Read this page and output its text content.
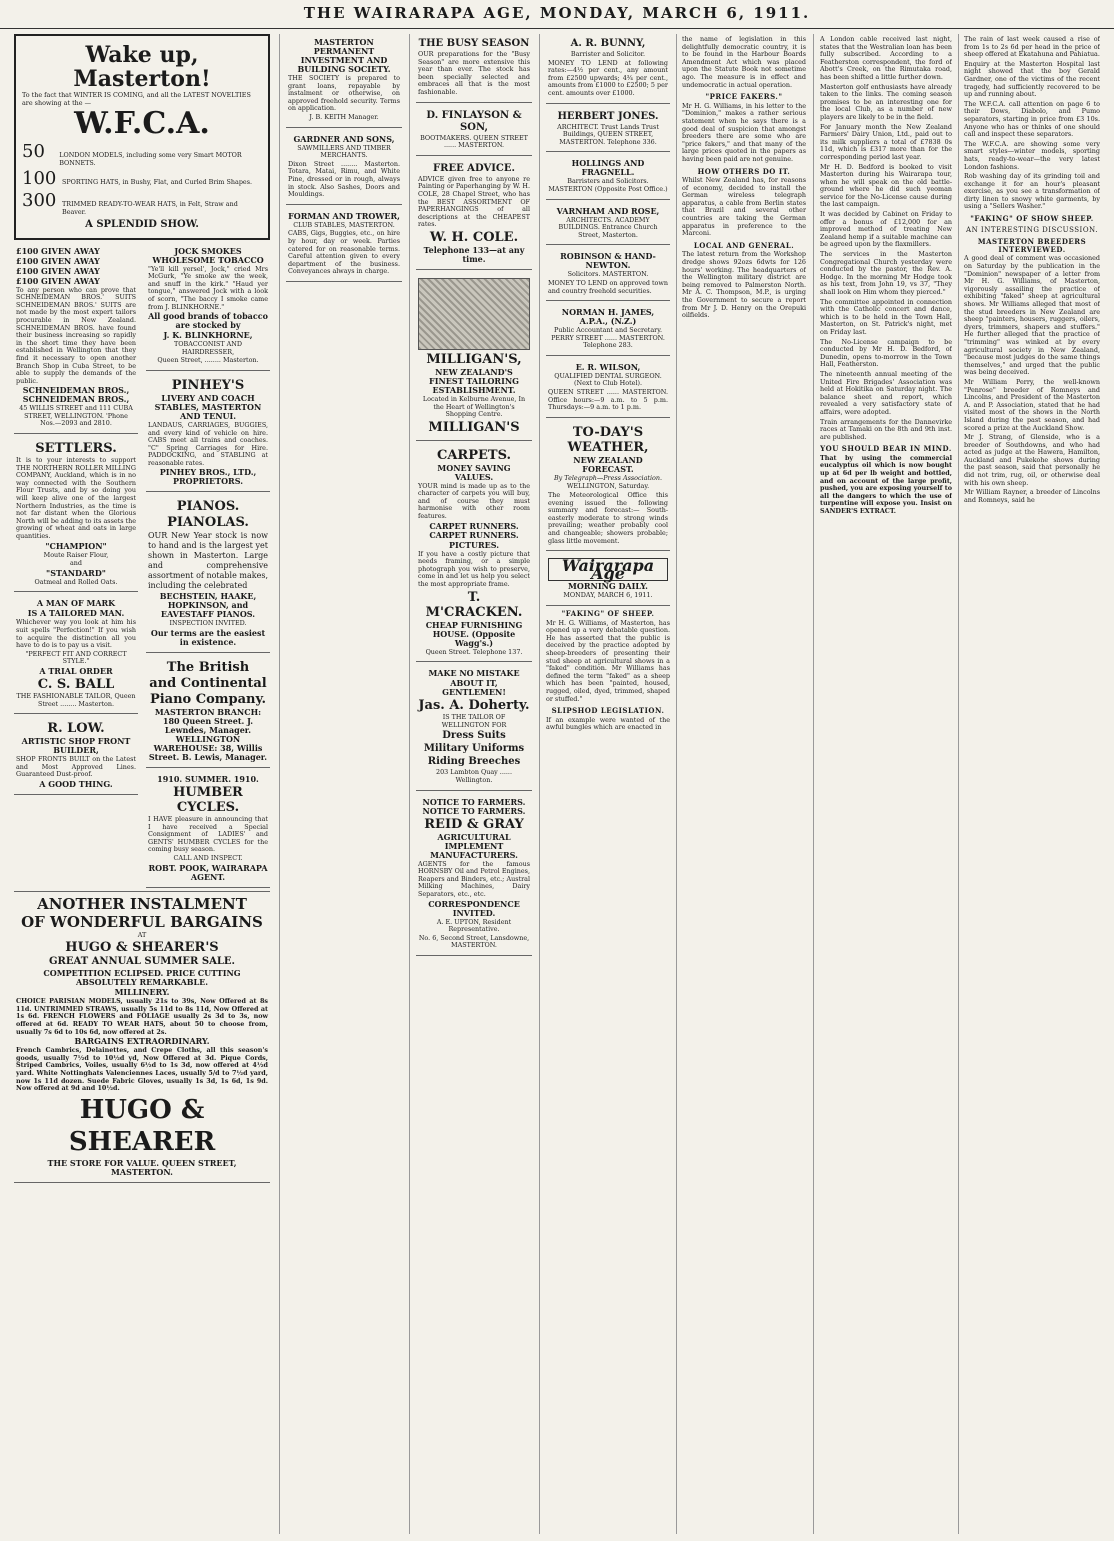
THE WAIRARAPA AGE, MONDAY, MARCH 6, 1911.

Wake up, Masterton!

To the fact that WINTER IS COMING, and all the LATEST NOVELTIES are showing at the —

W.F.C.A.

50	LONDON MODELS, including some very Smart MOTOR BONNETS.
100 SPORTING HATS, in Bushy, Flat, and Curled Brim Shapes.
300 TRIMMED READY-TO-WEAR HATS, in Felt, Straw and Beaver.

A SPLENDID SHOW.

£100 GIVEN AWAY

£100 GIVEN AWAY

£100 GIVEN AWAY

£100 GIVEN AWAY

To any person who can prove that SCHNEIDEMAN BROS.' SUITS SCHNEIDEMAN BROS.' SUITS are not made by the most expert tailors procurable in New Zealand. SCHNEIDEMAN BROS. have found their business increasing so rapidly in the short time they have been established in Wellington that they find it necessary to open another Branch Shop in Cuba Street, to be able to supply the demands of the public.

SCHNEIDEMAN BROS., SCHNEIDEMAN BROS.,

45 WILLIS STREET and 111 CUBA STREET, WELLINGTON. 'Phone Nos.—2093 and 2810.

SETTLERS.

It is to your interests to support THE NORTHERN ROLLER MILLING COMPANY, Auckland, which is in no way connected with the Southern Flour Trusts, and by so doing you will keep alive one of the largest Northern Industries, as the time is not far distant when the Glorious North will be adding to its assets the growing of wheat and oats in large quantities.

"CHAMPION"

Moute Raiser Flour,

and

"STANDARD"

Oatmeal and Rolled Oats.

A MAN OF MARK

IS A TAILORED MAN.

Whichever way you look at him his suit spells "Perfection!" If you wish to acquire the distinction all you have to do is to pay us a visit.

"PERFECT FIT AND CORRECT STYLE."

A TRIAL ORDER

C. S. BALL

THE FASHIONABLE TAILOR, Queen Street ........ Masterton.

R. LOW.

ARTISTIC SHOP FRONT BUILDER,

SHOP FRONTS BUILT on the Latest and Most Approved Lines. Guaranteed Dust-proof.

A GOOD THING.

JOCK SMOKES WHOLESOME TOBACCO

"Ye'll kill yersel', Jock," cried Mrs McGurk, "Ye smoke aw the week, and snuff in the kirk." "Haud yer tongue," answered Jock with a look of scorn, "The baccy I smoke came from J. BLINKHORNE."

All good brands of tobacco are stocked by

J. K. BLINKHORNE,

TOBACCONIST AND HAIRDRESSER,

Queen Street, ........ Masterton.

PINHEY'S

LIVERY AND COACH STABLES, MASTERTON AND TENUI.

LANDAUS, CARRIAGES, BUGGIES, and every kind of vehicle on hire. CABS meet all trains and coaches. "C" Spring Carriages for Hire. PADDOCKING, and STABLING at reasonable rates.

PINHEY BROS., LTD., PROPRIETORS.

PIANOS.

PIANOLAS.

OUR New Year stock is now to hand and is the largest yet shown in Masterton. Large and comprehensive assortment of notable makes, including the celebrated

BECHSTEIN, HAAKE, HOPKINSON, and EAVESTAFF PIANOS.

INSPECTION INVITED.

Our terms are the easiest in existence.

The British

and Continental

Piano Company.

MASTERTON BRANCH: 180 Queen Street. J. Lewndes, Manager. WELLINGTON WAREHOUSE: 38, Willis Street. B. Lewis, Manager.

1910. SUMMER. 1910.

HUMBER CYCLES.

I HAVE pleasure in announcing that I have received a Special Consignment of LADIES' and GENTS' HUMBER CYCLES for the coming busy season.

CALL AND INSPECT.

ROBT. POOK, WAIRARAPA AGENT.

ANOTHER INSTALMENT

OF WONDERFUL BARGAINS

AT

HUGO & SHEARER'S

GREAT ANNUAL SUMMER SALE.

COMPETITION ECLIPSED. PRICE CUTTING ABSOLUTELY REMARKABLE.

MILLINERY.

CHOICE PARISIAN MODELS, usually 21s to 39s, Now Offered at 8s 11d. UNTRIMMED STRAWS, usually 5s 11d to 8s 11d, Now Offered at 1s 6d. FRENCH FLOWERS and FOLIAGE usually 2s 3d to 3s, now offered at 6d. READY TO WEAR HATS, about 50 to choose from, usually 7s 6d to 10s 6d, now offered at 2s.

BARGAINS EXTRAORDINARY.

French Cambrics, Delainettes, and Crepe Cloths, all this season's goods, usually 7½d to 10½d yd, Now Offered at 3d. Pique Cords, Striped Cambrics, Voiles, usually 6½d to 1s 3d, now offered at 4½d yard. White Nottinghats Valenciennes Laces, usually 5/d to 7½d yard, now 1s 11d dozen. Suede Fabric Gloves, usually 1s 3d, 1s 6d, 1s 9d. Now offered at 9d and 10½d.

HUGO & SHEARER

THE STORE FOR VALUE. QUEEN STREET, MASTERTON.

MASTERTON PERMANENT INVESTMENT AND BUILDING SOCIETY.

THE SOCIETY is prepared to grant loans, repayable by instalment or otherwise, on approved freehold security. Terms on application.

J. B. KEITH Manager.

GARDNER AND SONS,

SAWMILLERS AND TIMBER MERCHANTS.

Dixon Street ........ Masterton. Totara, Matai, Rimu, and White Pine, dressed or in rough, always in stock. Also Sashes, Doors and Mouldings.

FORMAN AND TROWER,

CLUB STABLES, MASTERTON.

CABS, Gigs, Buggies, etc., on hire by hour, day or week. Parties catered for on reasonable terms. Careful attention given to every department of the business. Conveyances always in charge.

THE BUSY SEASON

OUR preparations for the "Busy Season" are more extensive this year than ever. The stock has been specially selected and embraces all that is the most fashionable.

D. FINLAYSON & SON,

BOOTMAKERS. QUEEN STREET ...... MASTERTON.

FREE ADVICE.

ADVICE given free to anyone re Painting or Paperhanging by W. H. COLE, 28 Chapel Street, who has the BEST ASSORTMENT OF PAPERHANGINGS of all descriptions at the CHEAPEST rates.

W. H. COLE.

Telephone 133—at any time.

MILLIGAN'S,

NEW ZEALAND'S FINEST TAILORING ESTABLISHMENT.

Located in Kelburne Avenue, In the Heart of Wellington's Shopping Centre.

MILLIGAN'S

CARPETS.

MONEY SAVING VALUES.

YOUR mind is made up as to the character of carpets you will buy, and of course they must harmonise with other room features.

CARPET RUNNERS. CARPET RUNNERS.

PICTURES.

If you have a costly picture that needs framing, or a simple photograph you wish to preserve, come in and let us help you select the most appropriate frame.

T. M'CRACKEN.

CHEAP FURNISHING HOUSE. (Opposite Wagg's.)

Queen Street. Telephone 137.

MAKE NO MISTAKE

ABOUT IT, GENTLEMEN!

Jas. A. Doherty.

IS THE TAILOR OF WELLINGTON FOR

Dress Suits

Military Uniforms

Riding Breeches

203 Lambton Quay ...... Wellington.

NOTICE TO FARMERS. NOTICE TO FARMERS.

REID & GRAY

AGRICULTURAL IMPLEMENT MANUFACTURERS.

AGENTS for the famous HORNSBY Oil and Petrol Engines, Reapers and Binders, etc.; Austral Milking Machines, Dairy Separators, etc., etc.

CORRESPONDENCE INVITED.

A. E. UPTON, Resident Representative.

No. 6, Second Street, Lansdowne, MASTERTON.

A. R. BUNNY,

Barrister and Solicitor.

MONEY TO LEND at following rates:—4½ per cent., any amount from £2500 upwards; 4¾ per cent., amounts from £1000 to £2500; 5 per cent. amounts over £1000.

HERBERT JONES.

ARCHITECT. Trust Lands Trust Buildings, QUEEN STREET, MASTERTON. Telephone 336.

HOLLINGS AND FRAGNELL.

Barristers and Solicitors. MASTERTON (Opposite Post Office.)

VARNHAM AND ROSE,

ARCHITECTS. ACADEMY BUILDINGS. Entrance Church Street, Masterton.

ROBINSON & HAND-NEWTON.

Solicitors. MASTERTON.

MONEY TO LEND on approved town and country freehold securities.

NORMAN H. JAMES, A.P.A., (N.Z.)

Public Accountant and Secretary. PERRY STREET ...... MASTERTON. Telephone 283.

E. R. WILSON,

QUALIFIED DENTAL SURGEON. (Next to Club Hotel).

QUEEN STREET ...... MASTERTON. Office hours:—9 a.m. to 5 p.m. Thursdays:—9 a.m. to 1 p.m.

TO-DAY'S WEATHER,

NEW ZEALAND FORECAST.

By Telegraph—Press Association.

WELLINGTON, Saturday.

The Meteorological Office this evening issued the following summary and forecast:— South-easterly moderate to strong winds prevailing; weather probably cool and changeable; showers probable; glass little movement.

Wairarapa Age

MORNING DAILY.

MONDAY, MARCH 6, 1911.

"FAKING" OF SHEEP.

Mr H. G. Williams, of Masterton, has opened up a very debatable question. He has asserted that the public is deceived by the practice adopted by sheep-breeders of presenting their stud sheep at agricultural shows in a "faked" condition. Mr Williams has defined the term "faked" as a sheep which has been "painted, housed, rugged, oiled, dyed, trimmed, shaped or stuffed."

SLIPSHOD LEGISLATION.

If an example were wanted of the awful bungles which are enacted in

the name of legislation in this delightfully democratic country, it is to be found in the Harbour Boards Amendment Act which was placed upon the Statute Book not sometime ago. The measure is in effect and undemocratic in actual operation.

"PRICE FAKERS."

Mr H. G. Williams, in his letter to the "Dominion," makes a rather serious statement when he says there is a good deal of suspicion that amongst breeders there are some who are "price fakers," and that many of the large prices quoted in the papers as having been paid are not genuine.

HOW OTHERS DO IT.

Whilst New Zealand has, for reasons of economy, decided to install the German wireless telegraph apparatus, a cable from Berlin states that Brazil and several other countries are taking the German apparatus in preference to the Marconi.

LOCAL AND GENERAL.

The latest return from the Workshop dredge shows 92ozs 6dwts for 126 hours' working. The headquarters of the Wellington military district are being removed to Palmerston North. Mr A. C. Thompson, M.P., is urging the Government to secure a report from Mr J. D. Henry on the Orepuki oilfields.

A London cable received last night, states that the Westralian loan has been fully subscribed. According to a Featherston correspondent, the ford of Abott's Creek, on the Rimutaka road, has been shifted a little further down.

Masterton golf enthusiasts have already taken to the links. The coming season promises to be an interesting one for the local Club, as a number of new players are likely to be in the field.

For January month the New Zealand Farmers' Dairy Union, Ltd., paid out to its milk suppliers a total of £7838 0s 11d, which is £317 more than for the corresponding period last year.

Mr H. D. Bedford is booked to visit Masterton during his Wairarapa tour, when he will speak on the old battle-ground where he did such yeoman service for the No-License cause during the last campaign.

It was decided by Cabinet on Friday to offer a bonus of £12,000 for an improved method of treating New Zealand hemp if a suitable machine can be agreed upon by the flaxmillers.

The services in the Masterton Congregational Church yesterday were conducted by the pastor, the Rev. A. Hodge. In the morning Mr Hodge took as his text, from John 19, vs 37, "They shall look on Him whom they pierced."

The committee appointed in connection with the Catholic concert and dance, which is to be held in the Town Hall, Masterton, on St. Patrick's night, met on Friday last.

The No-License campaign to be conducted by Mr H. D. Bedford, of Dunedin, opens to-morrow in the Town Hall, Featherston.

The nineteenth annual meeting of the United Fire Brigades' Association was held at Hokitika on Saturday night. The balance sheet and report, which revealed a very satisfactory state of affairs, were adopted.

Train arrangements for the Dannevirke races at Tamaki on the 8th and 9th inst. are published.

YOU SHOULD BEAR IN MIND.

That by using the commercial eucalyptus oil which is now bought up at 6d per lb weight and bottled, and on account of the large profit, pushed, you are exposing yourself to all the dangers to which the use of turpentine will expose you. Insist on SANDER'S EXTRACT.

The rain of last week caused a rise of from 1s to 2s 6d per head in the price of sheep offered at Ekatahuna and Pahiatua.

Enquiry at the Masterton Hospital last night showed that the boy Gerald Gardner, one of the victims of the recent tragedy, had sufficiently recovered to be up and running about.

The W.F.C.A. call attention on page 6 to their Dows, Diabolo, and Pumo separators, starting in price from £3 10s. Anyone who has or thinks of one should call and inspect these separators.

The W.F.C.A. are showing some very smart styles—winter models, sporting hats, ready-to-wear—the very latest London fashions.

Rob washing day of its grinding toil and exchange it for an hour's pleasant exercise, as you see a transformation of dirty linen to snowy white garments, by using a "Sellers Washer."

"FAKING" OF SHOW SHEEP.

AN INTERESTING DISCUSSION.

MASTERTON BREEDERS INTERVIEWED.

A good deal of comment was occasioned on Saturday by the publication in the "Dominion" newspaper of a letter from Mr H. G. Williams, of Masterton, vigorously assailing the practice of exhibiting "faked" sheep at agricultural shows. Mr Williams alleged that most of the stud breeders in New Zealand are sheep "painters, housers, ruggers, oilers, dyers, trimmers, shapers and stuffers." He further alleged that the practice of "trimming" was winked at by every agricultural society in New Zealand, "because most judges do the same things themselves," and urged that the public was being deceived.

Mr William Perry, the well-known "Penrose" breeder of Romneys and Lincolns, and President of the Masterton A. and P. Association, stated that he had visited most of the shows in the North Island during the past season, and had scored a prize at the Auckland Show.

Mr J. Strang, of Glenside, who is a breeder of Southdowns, and who had acted as judge at the Hawera, Hamilton, Auckland and Pukekohe shows during the past season, said that personally he did not trim, rug, oil, or otherwise deal with his own sheep.

Mr William Rayner, a breeder of Lincolns and Romneys, said he
